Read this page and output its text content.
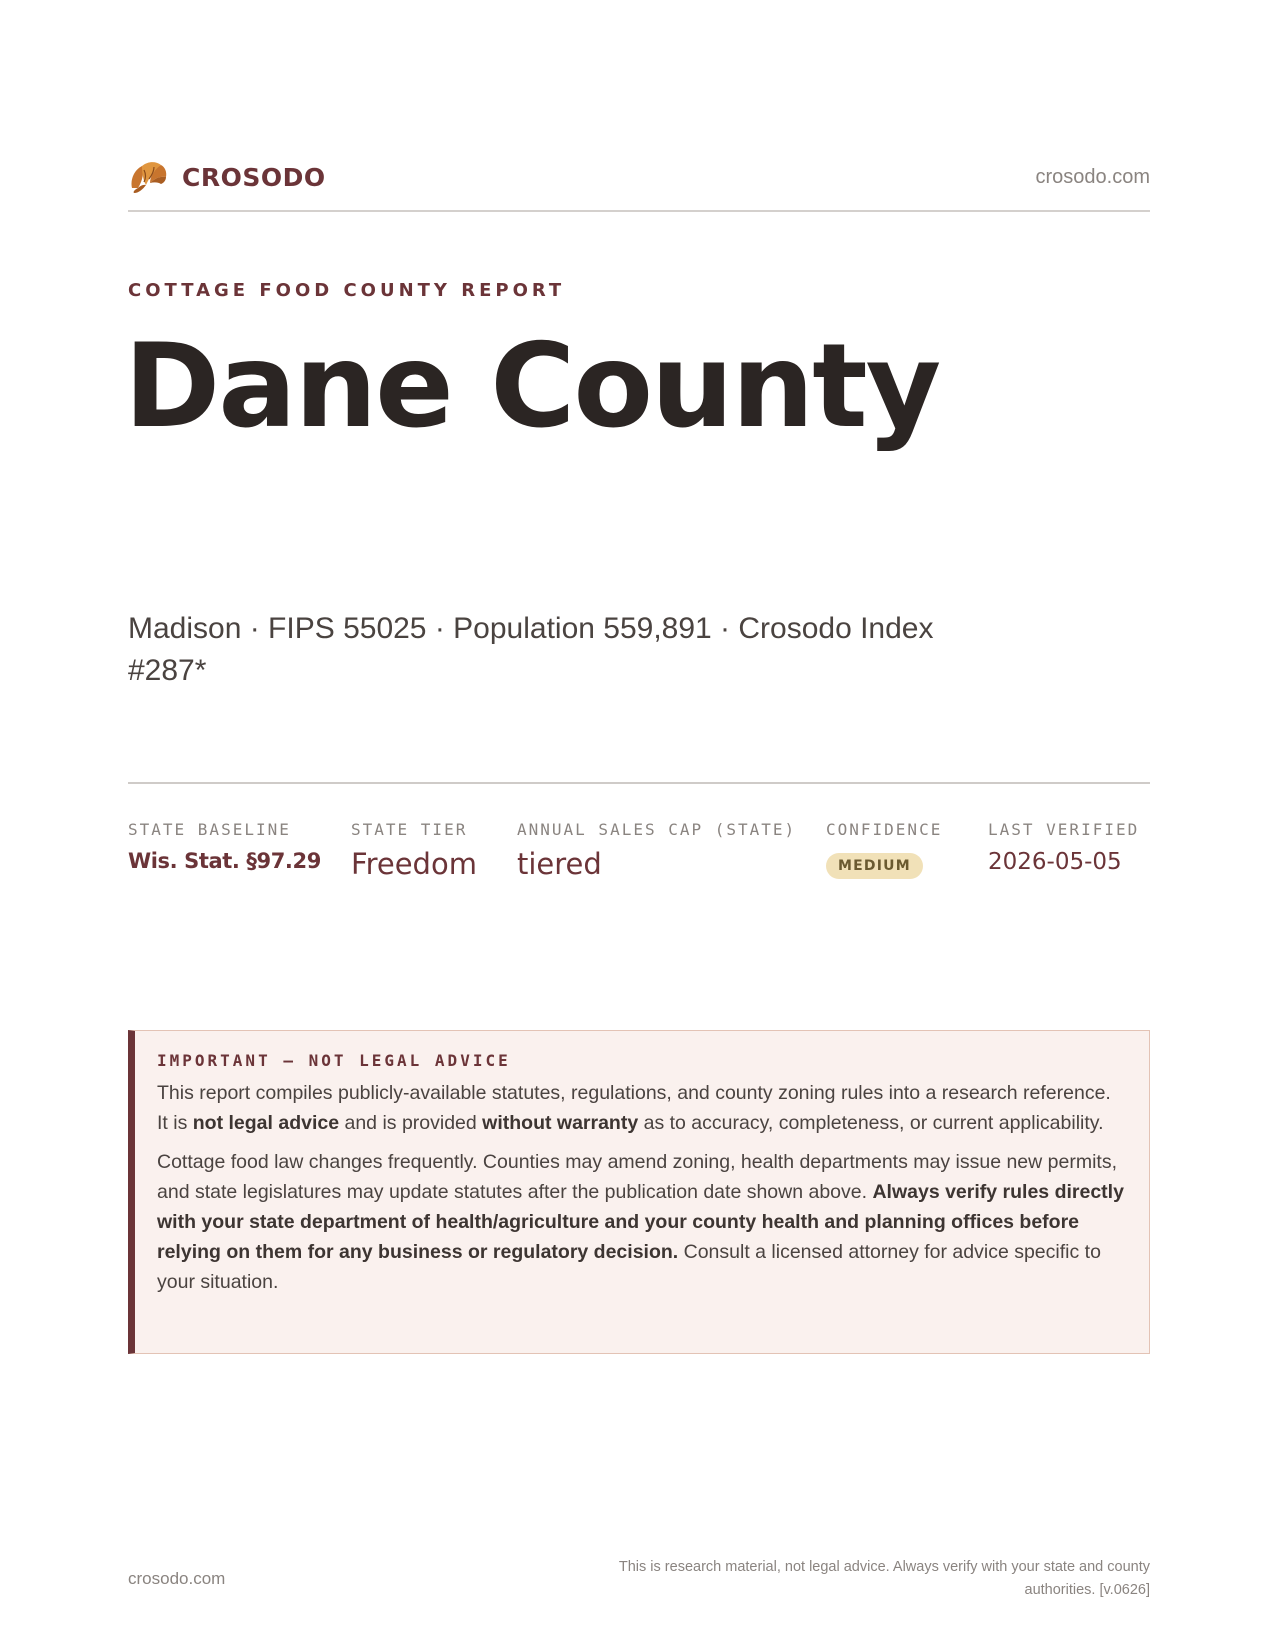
CROSODO	crosodo.com
COTTAGE FOOD COUNTY REPORT
Dane County

Madison · FIPS 55025 · Population 559,891 · Crosodo Index #287*

STATE BASELINE
Wis. Stat. §97.29
STATE TIER
Freedom
ANNUAL SALES CAP (STATE)
tiered
CONFIDENCE
MEDIUM
LAST VERIFIED
2026-05-05
IMPORTANT — NOT LEGAL ADVICE

This report compiles publicly-available statutes, regulations, and county zoning rules into a research reference. It is not legal advice and is provided without warranty as to accuracy, completeness, or current applicability.

Cottage food law changes frequently. Counties may amend zoning, health departments may issue new permits, and state legislatures may update statutes after the publication date shown above. Always verify rules directly with your state department of health/agriculture and your county health and planning offices before relying on them for any business or regulatory decision. Consult a licensed attorney for advice specific to your situation.

crosodo.com
This is research material, not legal advice. Always verify with your state and county authorities. [v.0626]
